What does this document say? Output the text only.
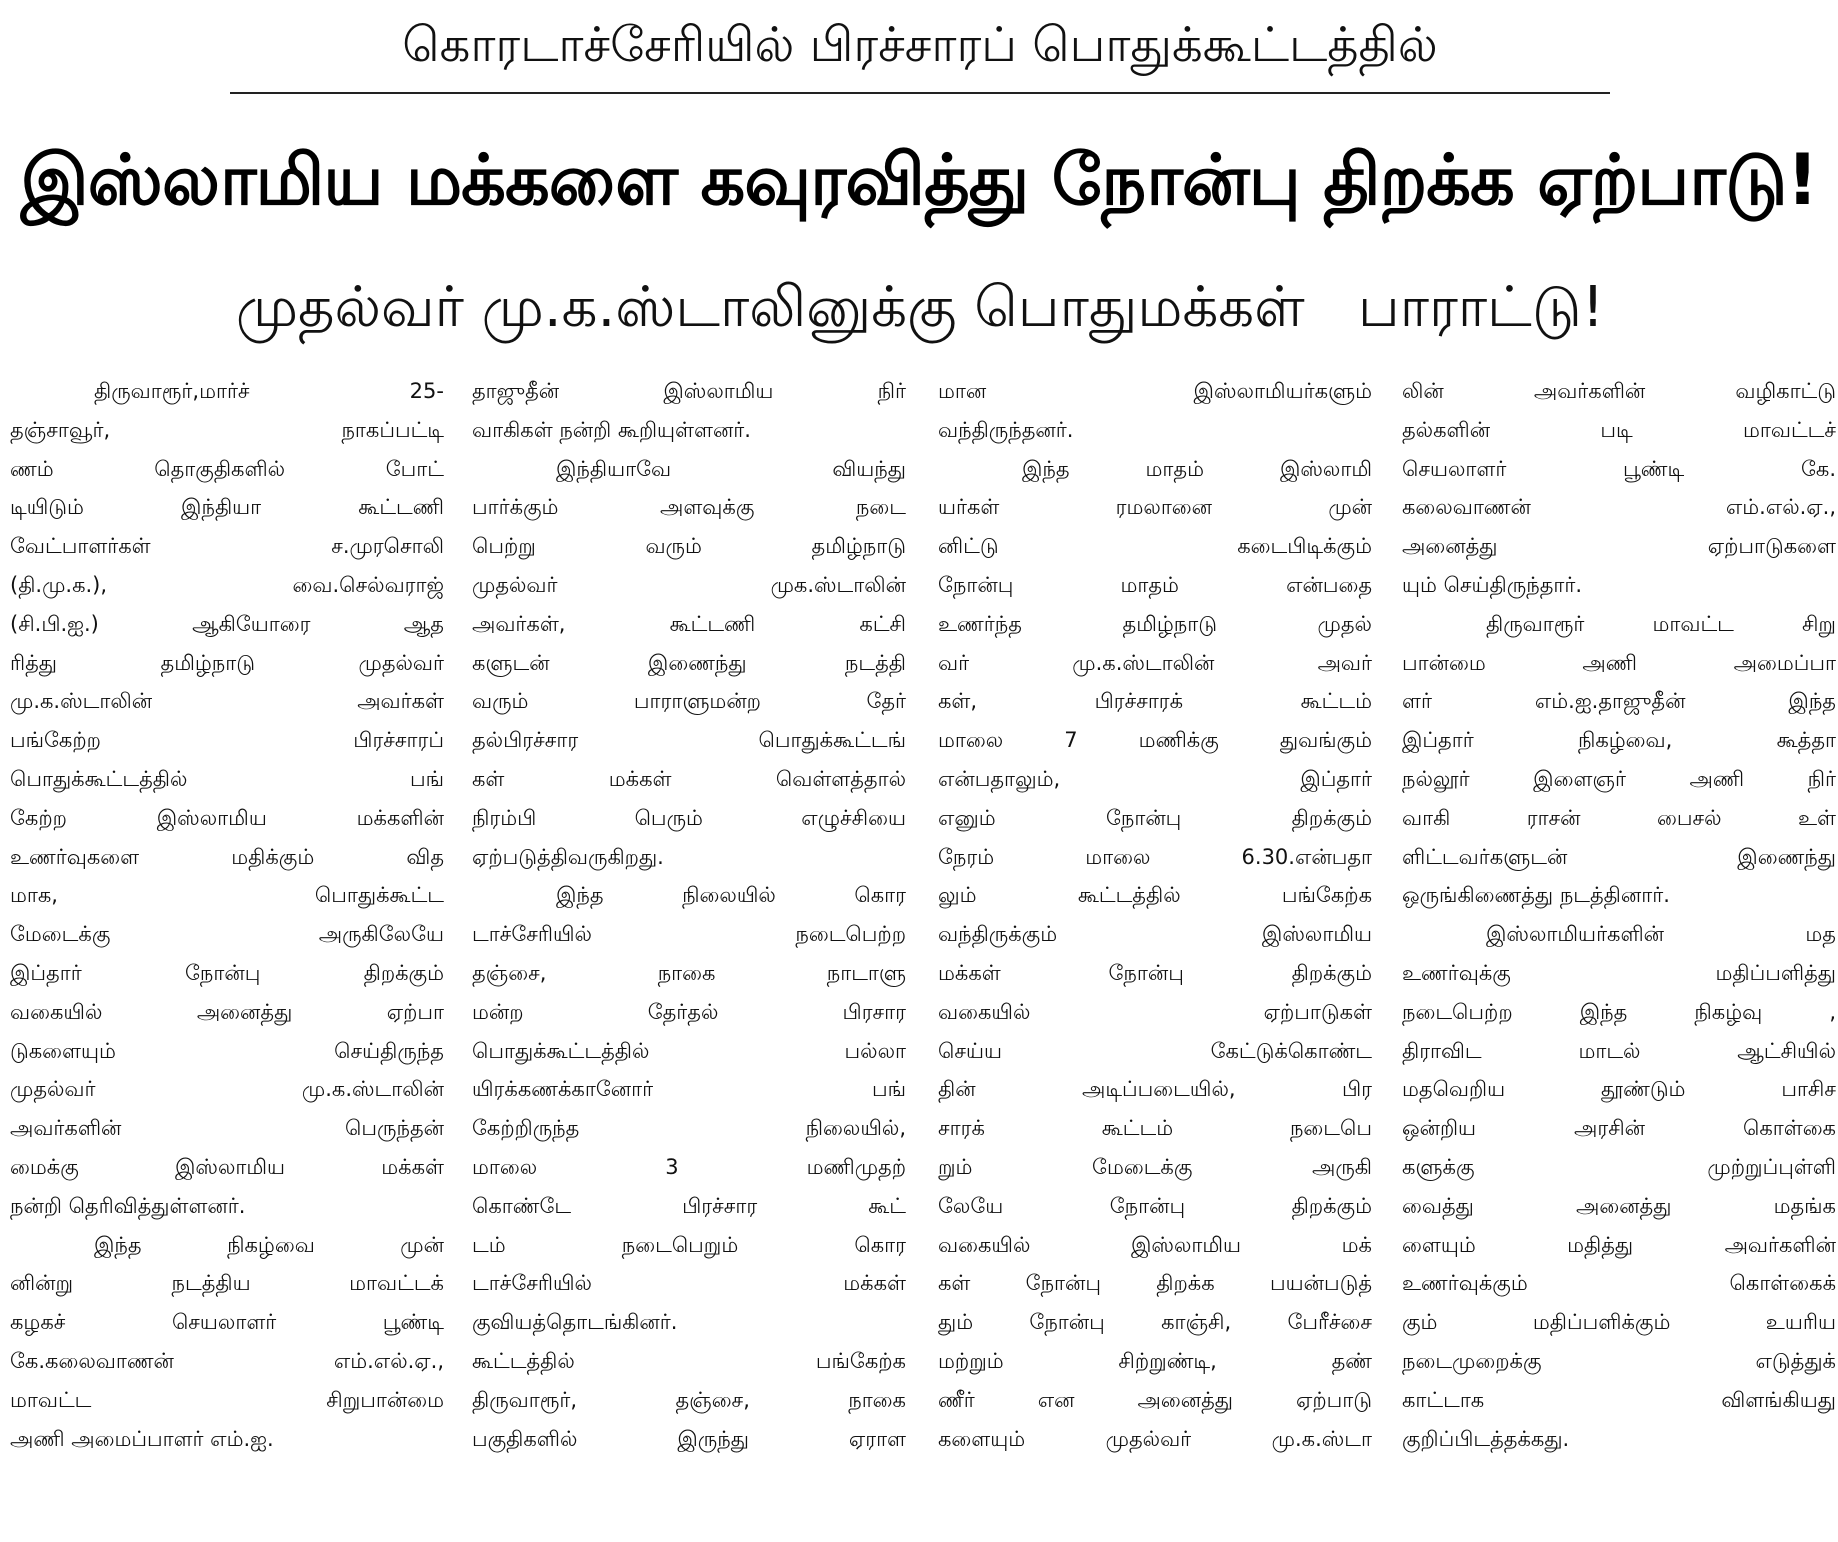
கொரடாச்சேரியில் பிரச்சாரப் பொதுக்கூட்டத்தில்
இஸ்லாமிய மக்களை கவுரவித்து நோன்பு திறக்க ஏற்பாடு!
முதல்வர் மு.க.ஸ்டாலினுக்கு பொதுமக்கள்   பாராட்டு!
திருவாரூர்,மார்ச் 25-
தஞ்சாவூர், நாகப்பட்டி
ணம் தொகுதிகளில் போட்
டியிடும் இந்தியா கூட்டணி
வேட்பாளர்கள் ச.முரசொலி
(தி.மு.க.), வை.செல்வராஜ்
(சி.பி.ஐ.) ஆகியோரை ஆத
ரித்து தமிழ்நாடு முதல்வர்
மு.க.ஸ்டாலின் அவர்கள்
பங்கேற்ற பிரச்சாரப்
பொதுக்கூட்டத்தில் பங்
கேற்ற இஸ்லாமிய மக்களின்
உணர்வுகளை மதிக்கும் வித
மாக, பொதுக்கூட்ட
மேடைக்கு அருகிலேயே
இப்தார் நோன்பு திறக்கும்
வகையில் அனைத்து ஏற்பா
டுகளையும் செய்திருந்த
முதல்வர் மு.க.ஸ்டாலின்
அவர்களின் பெருந்தன்
மைக்கு இஸ்லாமிய மக்கள்
நன்றி தெரிவித்துள்ளனர்.
இந்த நிகழ்வை முன்
னின்று நடத்திய மாவட்டக்
கழகச் செயலாளர் பூண்டி
கே.கலைவாணன் எம்.எல்.ஏ.,
மாவட்ட சிறுபான்மை
அணி அமைப்பாளர் எம்.ஐ.
தாஜுதீன் இஸ்லாமிய நிர்
வாகிகள் நன்றி கூறியுள்ளனர்.
இந்தியாவே வியந்து
பார்க்கும் அளவுக்கு நடை
பெற்று வரும் தமிழ்நாடு
முதல்வர் முக.ஸ்டாலின்
அவர்கள், கூட்டணி கட்சி
களுடன் இணைந்து நடத்தி
வரும் பாராளுமன்ற தேர்
தல்பிரச்சார பொதுக்கூட்டங்
கள் மக்கள் வெள்ளத்தால்
நிரம்பி பெரும் எழுச்சியை
ஏற்படுத்திவருகிறது.
இந்த நிலையில் கொர
டாச்சேரியில் நடைபெற்ற
தஞ்சை, நாகை நாடாளு
மன்ற தேர்தல் பிரசார
பொதுக்கூட்டத்தில் பல்லா
யிரக்கணக்கானோர் பங்
கேற்றிருந்த நிலையில்,
மாலை 3 மணிமுதற்
கொண்டே பிரச்சார கூட்
டம் நடைபெறும் கொர
டாச்சேரியில் மக்கள்
குவியத்தொடங்கினர்.
கூட்டத்தில் பங்கேற்க
திருவாரூர், தஞ்சை, நாகை
பகுதிகளில் இருந்து ஏராள
மான இஸ்லாமியர்களும்
வந்திருந்தனர்.
இந்த மாதம் இஸ்லாமி
யர்கள் ரமலானை முன்
னிட்டு கடைபிடிக்கும்
நோன்பு மாதம் என்பதை
உணர்ந்த தமிழ்நாடு முதல்
வர் மு.க.ஸ்டாலின் அவர்
கள், பிரச்சாரக் கூட்டம்
மாலை 7 மணிக்கு துவங்கும்
என்பதாலும், இப்தார்
எனும் நோன்பு திறக்கும்
நேரம் மாலை 6.30.என்பதா
லும் கூட்டத்தில் பங்கேற்க
வந்திருக்கும் இஸ்லாமிய
மக்கள் நோன்பு திறக்கும்
வகையில் ஏற்பாடுகள்
செய்ய கேட்டுக்கொண்ட
தின் அடிப்படையில், பிர
சாரக் கூட்டம் நடைபெ
றும் மேடைக்கு அருகி
லேயே நோன்பு திறக்கும்
வகையில் இஸ்லாமிய மக்
கள் நோன்பு திறக்க பயன்படுத்
தும் நோன்பு காஞ்சி, பேரீச்சை
மற்றும் சிற்றுண்டி, தண்
ணீர் என அனைத்து ஏற்பாடு
களையும் முதல்வர் மு.க.ஸ்டா
லின் அவர்களின் வழிகாட்டு
தல்களின் படி மாவட்டச்
செயலாளர் பூண்டி கே.
கலைவாணன் எம்.எல்.ஏ.,
அனைத்து ஏற்பாடுகளை
யும் செய்திருந்தார்.
திருவாரூர் மாவட்ட சிறு
பான்மை அணி அமைப்பா
ளர் எம்.ஐ.தாஜுதீன் இந்த
இப்தார் நிகழ்வை, கூத்தா
நல்லூர் இளைஞர் அணி நிர்
வாகி ராசன் பைசல் உள்
ளிட்டவர்களுடன் இணைந்து
ஒருங்கிணைத்து நடத்தினார்.
இஸ்லாமியர்களின் மத
உணர்வுக்கு மதிப்பளித்து
நடைபெற்ற இந்த நிகழ்வு ,
திராவிட மாடல் ஆட்சியில்
மதவெறிய தூண்டும் பாசிச
ஒன்றிய அரசின் கொள்கை
களுக்கு முற்றுப்புள்ளி
வைத்து அனைத்து மதங்க
ளையும் மதித்து அவர்களின்
உணர்வுக்கும் கொள்கைக்
கும் மதிப்பளிக்கும் உயரிய
நடைமுறைக்கு எடுத்துக்
காட்டாக விளங்கியது
குறிப்பிடத்தக்கது.
